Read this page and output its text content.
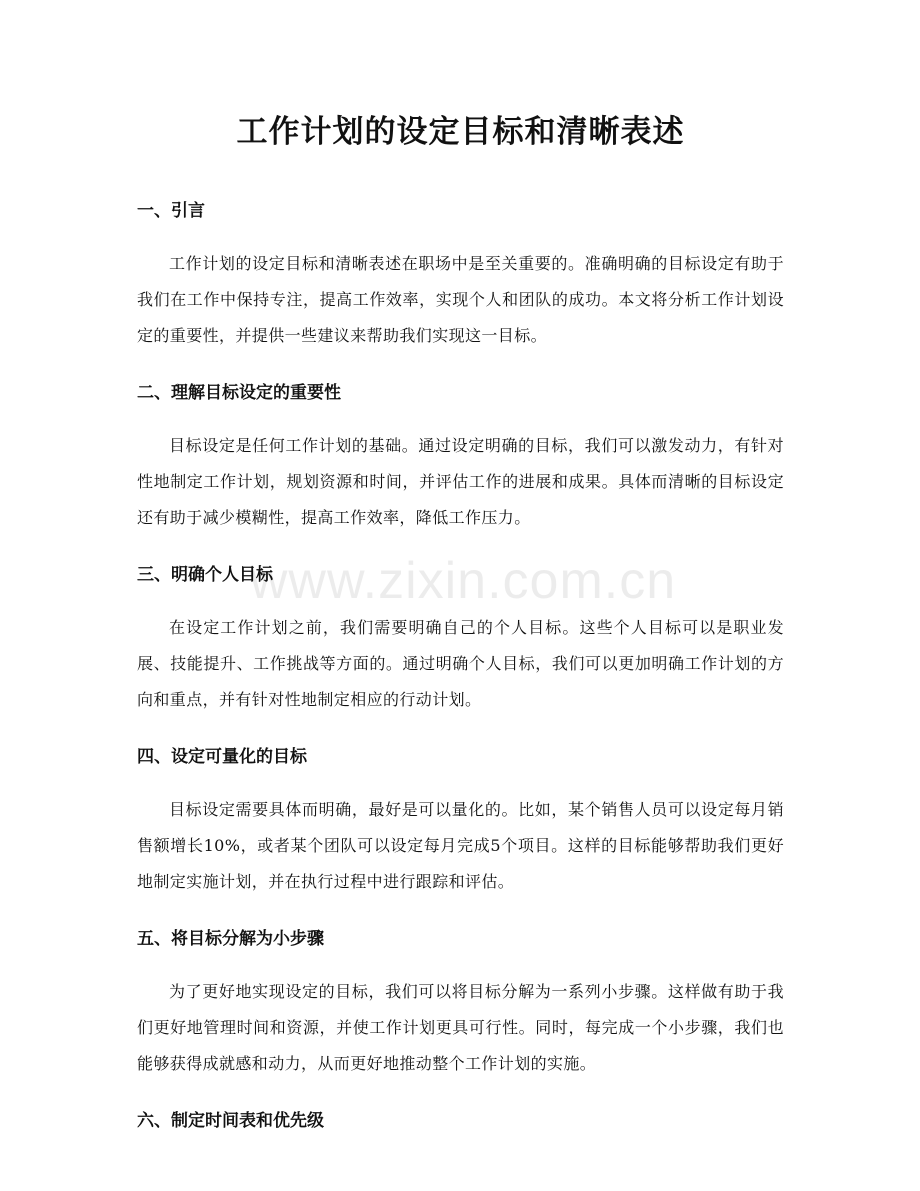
工作计划的设定目标和清晰表述
一、引言

工作计划的设定目标和清晰表述在职场中是至关重要的。准确明确的目标设定有助于我们在工作中保持专注，提高工作效率，实现个人和团队的成功。本文将分析工作计划设定的重要性，并提供一些建议来帮助我们实现这一目标。

二、理解目标设定的重要性

目标设定是任何工作计划的基础。通过设定明确的目标，我们可以激发动力，有针对性地制定工作计划，规划资源和时间，并评估工作的进展和成果。具体而清晰的目标设定还有助于减少模糊性，提高工作效率，降低工作压力。

三、明确个人目标

在设定工作计划之前，我们需要明确自己的个人目标。这些个人目标可以是职业发展、技能提升、工作挑战等方面的。通过明确个人目标，我们可以更加明确工作计划的方向和重点，并有针对性地制定相应的行动计划。

四、设定可量化的目标

目标设定需要具体而明确，最好是可以量化的。比如，某个销售人员可以设定每月销售额增长10%，或者某个团队可以设定每月完成5个项目。这样的目标能够帮助我们更好地制定实施计划，并在执行过程中进行跟踪和评估。

五、将目标分解为小步骤

为了更好地实现设定的目标，我们可以将目标分解为一系列小步骤。这样做有助于我们更好地管理时间和资源，并使工作计划更具可行性。同时，每完成一个小步骤，我们也能够获得成就感和动力，从而更好地推动整个工作计划的实施。

六、制定时间表和优先级
www.zixin.com.cn
